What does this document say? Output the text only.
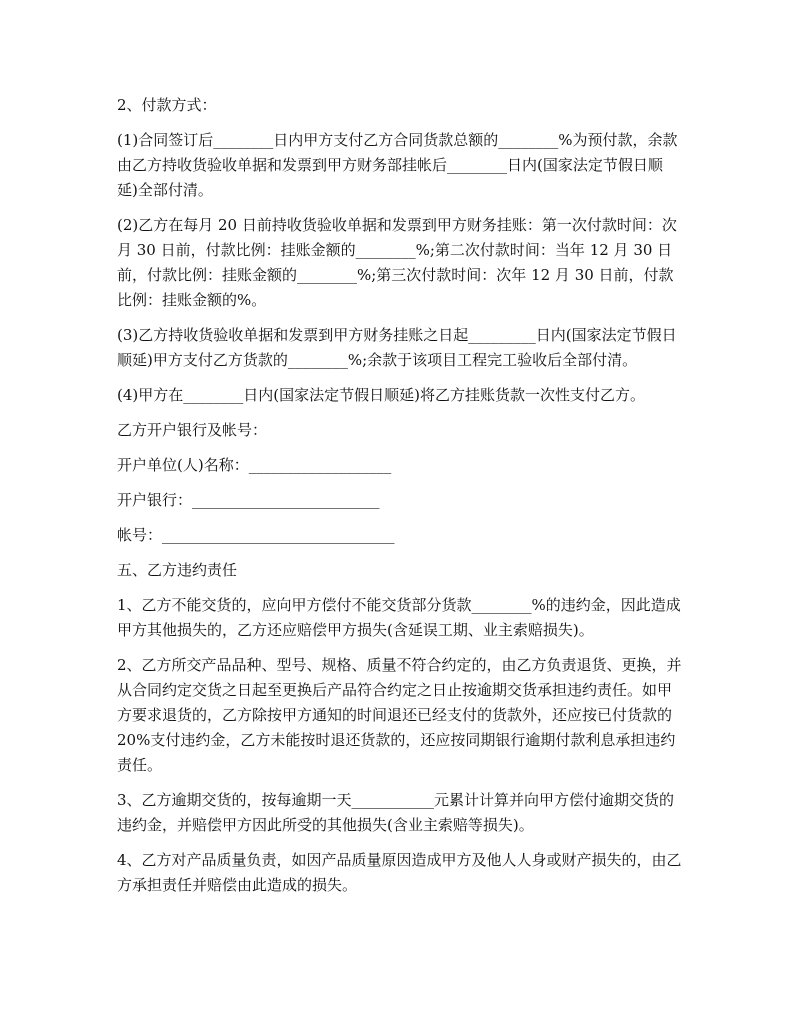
2、付款方式：

(1)合同签订后________日内甲方支付乙方合同货款总额的________%为预付款，余款由乙方持收货验收单据和发票到甲方财务部挂帐后________日内(国家法定节假日顺延)全部付清。

(2)乙方在每月 20 日前持收货验收单据和发票到甲方财务挂账：第一次付款时间：次月 30 日前，付款比例：挂账金额的________%;第二次付款时间：当年 12 月 30 日前，付款比例：挂账金额的________%;第三次付款时间：次年 12 月 30 日前，付款比例：挂账金额的%。

(3)乙方持收货验收单据和发票到甲方财务挂账之日起_________日内(国家法定节假日顺延)甲方支付乙方货款的________%;余款于该项目工程完工验收后全部付清。

(4)甲方在________日内(国家法定节假日顺延)将乙方挂账货款一次性支付乙方。

乙方开户银行及帐号：

开户单位(人)名称：___________________

开户银行：_________________________

帐号：_______________________________

五、乙方违约责任

1、乙方不能交货的，应向甲方偿付不能交货部分货款________%的违约金，因此造成甲方其他损失的，乙方还应赔偿甲方损失(含延误工期、业主索赔损失)。

2、乙方所交产品品种、型号、规格、质量不符合约定的，由乙方负责退货、更换，并从合同约定交货之日起至更换后产品符合约定之日止按逾期交货承担违约责任。如甲方要求退货的，乙方除按甲方通知的时间退还已经支付的货款外，还应按已付货款的 20%支付违约金，乙方未能按时退还货款的，还应按同期银行逾期付款利息承担违约责任。

3、乙方逾期交货的，按每逾期一天___________元累计计算并向甲方偿付逾期交货的违约金，并赔偿甲方因此所受的其他损失(含业主索赔等损失)。

4、乙方对产品质量负责，如因产品质量原因造成甲方及他人人身或财产损失的，由乙方承担责任并赔偿由此造成的损失。
